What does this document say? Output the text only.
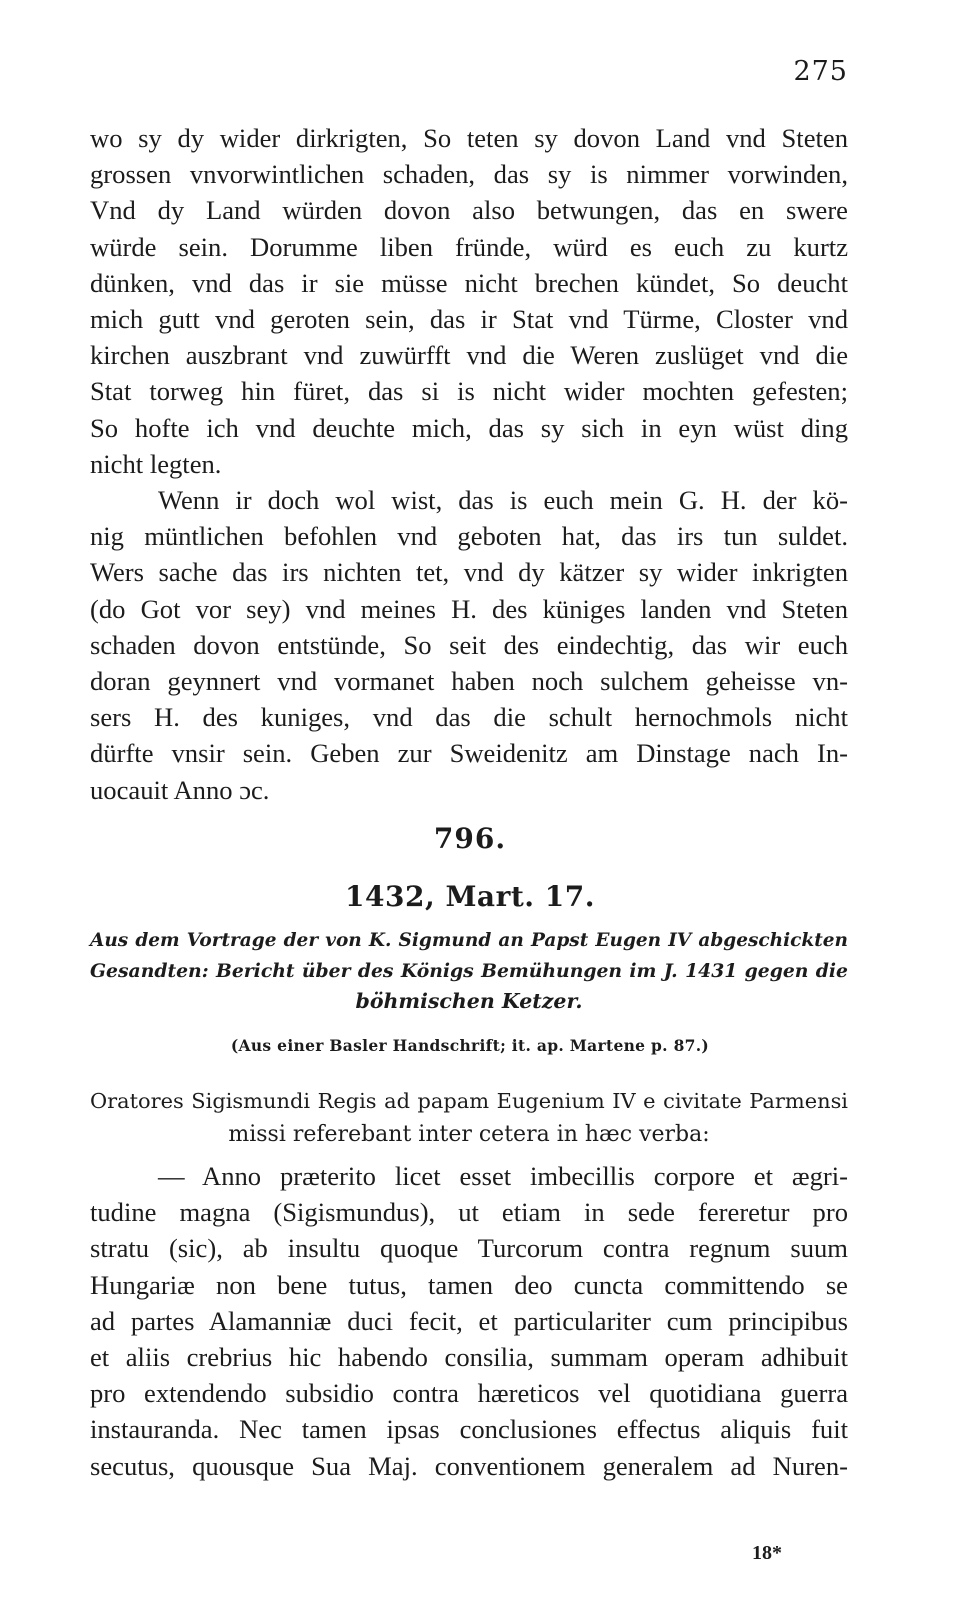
275
wo sy dy wider dirkrigten, So teten sy dovon Land vnd Steten
grossen vnvorwintlichen schaden, das sy is nimmer vorwinden,
Vnd dy Land würden dovon also betwungen, das en swere
würde sein. Dorumme liben fründe, würd es euch zu kurtz
dünken, vnd das ir sie müsse nicht brechen kündet, So deucht
mich gutt vnd geroten sein, das ir Stat vnd Türme, Closter vnd
kirchen auszbrant vnd zuwürfft vnd die Weren zuslüget vnd die
Stat torweg hin füret, das si is nicht wider mochten gefesten;
So hofte ich vnd deuchte mich, das sy sich in eyn wüst ding
nicht legten.
Wenn ir doch wol wist, das is euch mein G. H. der kö-
nig müntlichen befohlen vnd geboten hat, das irs tun suldet.
Wers sache das irs nichten tet, vnd dy kätzer sy wider inkrigten
(do Got vor sey) vnd meines H. des küniges landen vnd Steten
schaden dovon entstünde, So seit des eindechtig, das wir euch
doran geynnert vnd vormanet haben noch sulchem geheisse vn-
sers H. des kuniges, vnd das die schult hernochmols nicht
dürfte vnsir sein. Geben zur Sweidenitz am Dinstage nach In-
uocauit Anno ɔc.
796.
1432, Mart. 17.
Aus dem Vortrage der von K. Sigmund an Papst Eugen IV abgeschickten
Gesandten: Bericht über des Königs Bemühungen im J. 1431 gegen die
böhmischen Ketzer.
(Aus einer Basler Handschrift; it. ap. Martene p. 87.)
Oratores Sigismundi Regis ad papam Eugenium IV e civitate Parmensi
missi referebant inter cetera in hæc verba:
— Anno præterito licet esset imbecillis corpore et ægri-
tudine magna (Sigismundus), ut etiam in sede fereretur pro
stratu (sic), ab insultu quoque Turcorum contra regnum suum
Hungariæ non bene tutus, tamen deo cuncta committendo se
ad partes Alamanniæ duci fecit, et particulariter cum principibus
et aliis crebrius hic habendo consilia, summam operam adhibuit
pro extendendo subsidio contra hæreticos vel quotidiana guerra
instauranda. Nec tamen ipsas conclusiones effectus aliquis fuit
secutus, quousque Sua Maj. conventionem generalem ad Nuren-
18*
